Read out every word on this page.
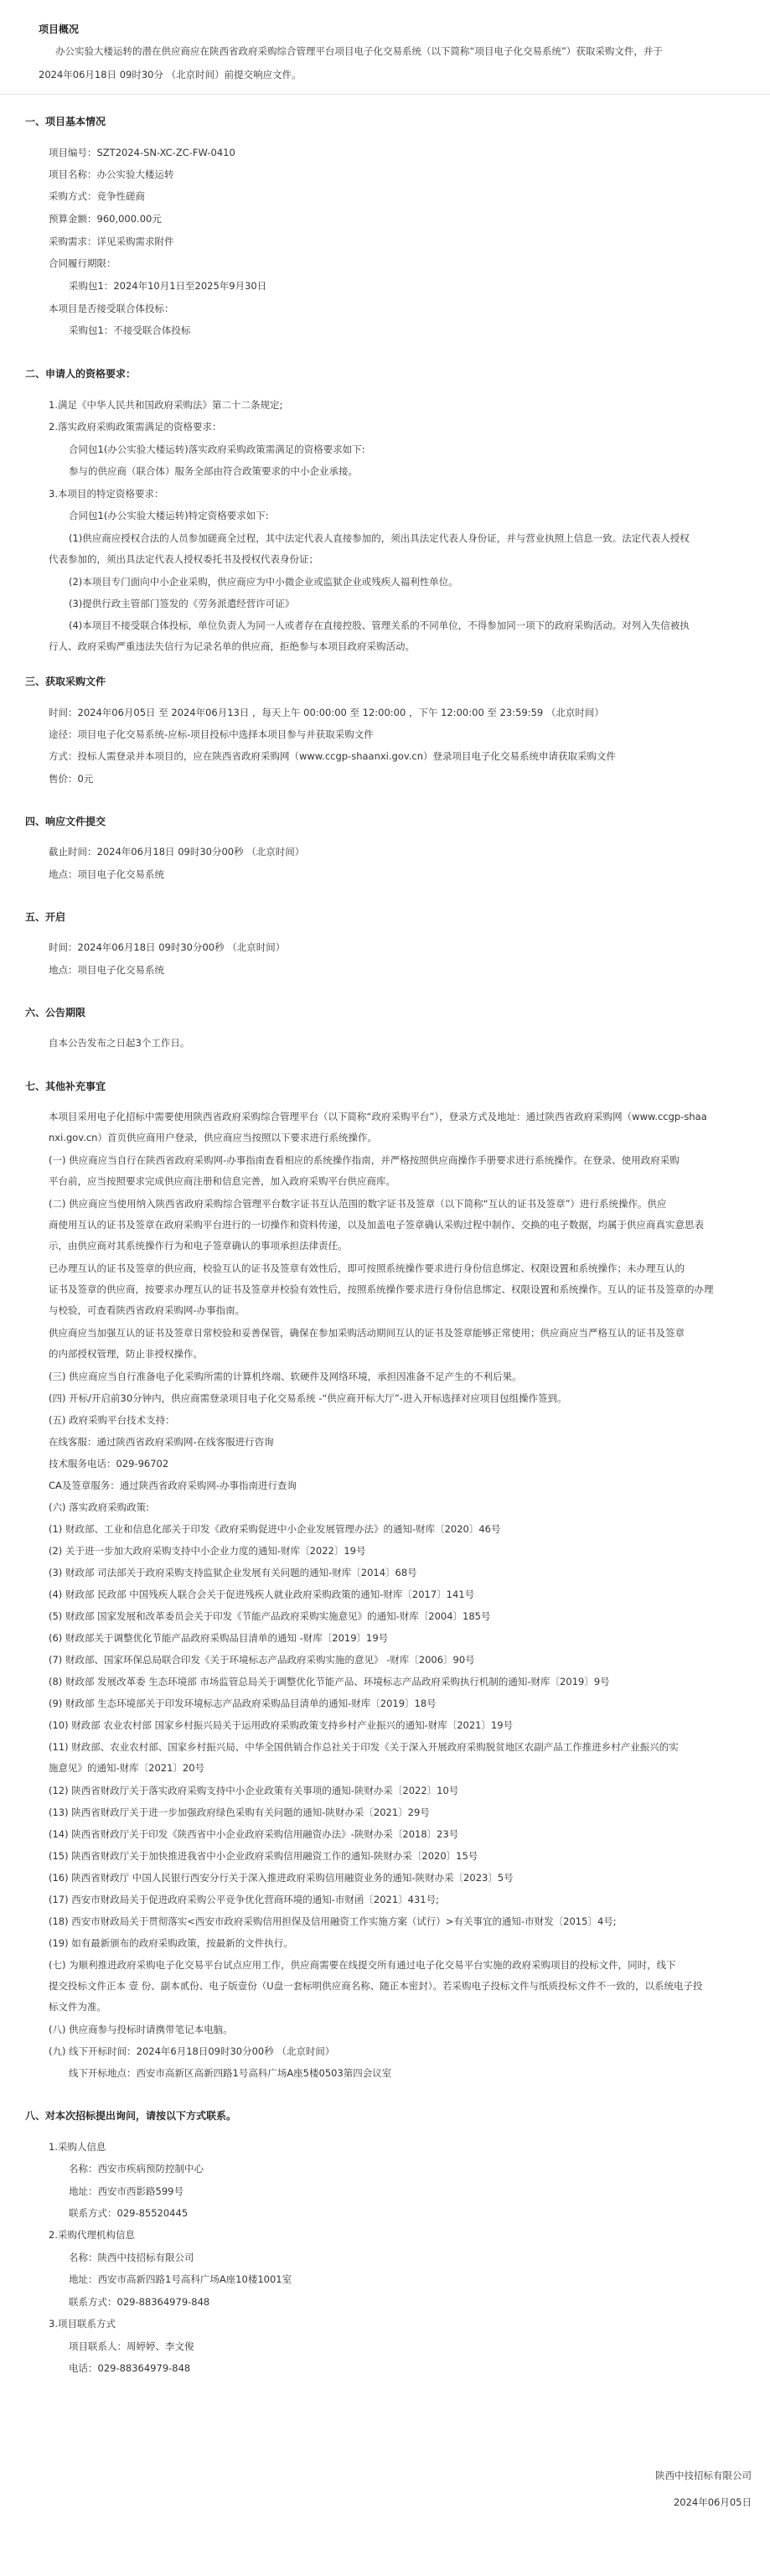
项目概况
办公实验大楼运转的潜在供应商应在陕西省政府采购综合管理平台项目电子化交易系统（以下简称“项目电子化交易系统”）获取采购文件，并于
2024年06月18日 09时30分 （北京时间）前提交响应文件。
一、项目基本情况
项目编号：SZT2024-SN-XC-ZC-FW-0410
项目名称：办公实验大楼运转
采购方式：竞争性磋商
预算金额：960,000.00元
采购需求：详见采购需求附件
合同履行期限：
采购包1：2024年10月1日至2025年9月30日
本项目是否接受联合体投标：
采购包1：不接受联合体投标
二、申请人的资格要求：
1.满足《中华人民共和国政府采购法》第二十二条规定;
2.落实政府采购政策需满足的资格要求：
合同包1(办公实验大楼运转)落实政府采购政策需满足的资格要求如下:
参与的供应商（联合体）服务全部由符合政策要求的中小企业承接。
3.本项目的特定资格要求：
合同包1(办公实验大楼运转)特定资格要求如下:
(1)供应商应授权合法的人员参加磋商全过程，其中法定代表人直接参加的，须出具法定代表人身份证，并与营业执照上信息一致。法定代表人授权
代表参加的，须出具法定代表人授权委托书及授权代表身份证；
(2)本项目专门面向中小企业采购，供应商应为中小微企业或监狱企业或残疾人福利性单位。
(3)提供行政主管部门签发的《劳务派遣经营许可证》
(4)本项目不接受联合体投标，单位负责人为同一人或者存在直接控股、管理关系的不同单位，不得参加同一项下的政府采购活动。对列入失信被执
行人、政府采购严重违法失信行为记录名单的供应商，拒绝参与本项目政府采购活动。
三、获取采购文件
时间：2024年06月05日 至 2024年06月13日 ，每天上午 00:00:00 至 12:00:00 ，下午 12:00:00 至 23:59:59 （北京时间）
途径：项目电子化交易系统-应标-项目投标中选择本项目参与并获取采购文件
方式：投标人需登录并本项目的，应在陕西省政府采购网（www.ccgp-shaanxi.gov.cn）登录项目电子化交易系统申请获取采购文件
售价：0元
四、响应文件提交
截止时间：2024年06月18日 09时30分00秒 （北京时间）
地点：项目电子化交易系统
五、开启
时间：2024年06月18日 09时30分00秒 （北京时间）
地点：项目电子化交易系统
六、公告期限
自本公告发布之日起3个工作日。
七、其他补充事宜
本项目采用电子化招标中需要使用陕西省政府采购综合管理平台（以下简称“政府采购平台”），登录方式及地址：通过陕西省政府采购网（www.ccgp-shaa
nxi.gov.cn）首页供应商用户登录，供应商应当按照以下要求进行系统操作。
(一) 供应商应当自行在陕西省政府采购网-办事指南查看相应的系统操作指南，并严格按照供应商操作手册要求进行系统操作。在登录、使用政府采购
平台前，应当按照要求完成供应商注册和信息完善，加入政府采购平台供应商库。
(二) 供应商应当使用纳入陕西省政府采购综合管理平台数字证书互认范围的数字证书及签章（以下简称“互认的证书及签章”）进行系统操作。供应
商使用互认的证书及签章在政府采购平台进行的一切操作和资料传递，以及加盖电子签章确认采购过程中制作、交换的电子数据，均属于供应商真实意思表
示，由供应商对其系统操作行为和电子签章确认的事项承担法律责任。
已办理互认的证书及签章的供应商，校验互认的证书及签章有效性后，即可按照系统操作要求进行身份信息绑定、权限设置和系统操作；未办理互认的
证书及签章的供应商，按要求办理互认的证书及签章并校验有效性后，按照系统操作要求进行身份信息绑定、权限设置和系统操作。互认的证书及签章的办理
与校验，可查看陕西省政府采购网-办事指南。
供应商应当加强互认的证书及签章日常校验和妥善保管，确保在参加采购活动期间互认的证书及签章能够正常使用；供应商应当严格互认的证书及签章
的内部授权管理，防止非授权操作。
(三) 供应商应当自行准备电子化采购所需的计算机终端、软硬件及网络环境，承担因准备不足产生的不利后果。
(四) 开标/开启前30分钟内，供应商需登录项目电子化交易系统 -“供应商开标大厅”-进入开标选择对应项目包组操作签到。
(五) 政府采购平台技术支持：
在线客服：通过陕西省政府采购网-在线客服进行咨询
技术服务电话：029-96702
CA及签章服务：通过陕西省政府采购网-办事指南进行查询
(六) 落实政府采购政策:
(1) 财政部、工业和信息化部关于印发《政府采购促进中小企业发展管理办法》的通知-财库〔2020〕46号
(2) 关于进一步加大政府采购支持中小企业力度的通知-财库〔2022〕19号
(3) 财政部 司法部关于政府采购支持监狱企业发展有关问题的通知-财库〔2014〕68号
(4) 财政部 民政部 中国残疾人联合会关于促进残疾人就业政府采购政策的通知-财库〔2017〕141号
(5) 财政部 国家发展和改革委员会关于印发《节能产品政府采购实施意见》的通知-财库〔2004〕185号
(6) 财政部关于调整优化节能产品政府采购品目清单的通知 -财库〔2019〕19号
(7) 财政部、国家环保总局联合印发《关于环境标志产品政府采购实施的意见》 -财库〔2006〕90号
(8) 财政部 发展改革委 生态环境部 市场监管总局关于调整优化节能产品、环境标志产品政府采购执行机制的通知-财库〔2019〕9号
(9) 财政部 生态环境部关于印发环境标志产品政府采购品目清单的通知-财库〔2019〕18号
(10) 财政部 农业农村部 国家乡村振兴局关于运用政府采购政策支持乡村产业振兴的通知-财库〔2021〕19号
(11) 财政部、农业农村部、国家乡村振兴局、中华全国供销合作总社关于印发《关于深入开展政府采购脱贫地区农副产品工作推进乡村产业振兴的实
施意见》的通知-财库〔2021〕20号
(12) 陕西省财政厅关于落实政府采购支持中小企业政策有关事项的通知-陕财办采〔2022〕10号
(13) 陕西省财政厅关于进一步加强政府绿色采购有关问题的通知-陕财办采〔2021〕29号
(14) 陕西省财政厅关于印发《陕西省中小企业政府采购信用融资办法》-陕财办采〔2018〕23号
(15) 陕西省财政厅关于加快推进我省中小企业政府采购信用融资工作的通知-陕财办采〔2020〕15号
(16) 陕西省财政厅 中国人民银行西安分行关于深入推进政府采购信用融资业务的通知-陕财办采〔2023〕5号
(17) 西安市财政局关于促进政府采购公平竞争优化营商环境的通知-市财函〔2021〕431号;
(18) 西安市财政局关于贯彻落实<西安市政府采购信用担保及信用融资工作实施方案（试行）>有关事宜的通知-市财发〔2015〕4号;
(19) 如有最新颁布的政府采购政策，按最新的文件执行。
(七) 为顺利推进政府采购电子化交易平台试点应用工作，供应商需要在线提交所有通过电子化交易平台实施的政府采购项目的投标文件，同时，线下
提交投标文件正本 壹 份、副本贰份、电子版壹份（U盘一套标明供应商名称、随正本密封）。若采购电子投标文件与纸质投标文件不一致的，以系统电子投
标文件为准。
(八) 供应商参与投标时请携带笔记本电脑。
(九) 线下开标时间：2024年6月18日09时30分00秒 （北京时间）
线下开标地点：西安市高新区高新四路1号高科广场A座5楼0503第四会议室
八、对本次招标提出询问，请按以下方式联系。
1.采购人信息
名称：西安市疾病预防控制中心
地址：西安市西影路599号
联系方式：029-85520445
2.采购代理机构信息
名称：陕西中技招标有限公司
地址：西安市高新四路1号高科广场A座10楼1001室
联系方式：029-88364979-848
3.项目联系方式
项目联系人：周婷婷、李文俊
电话：029-88364979-848
陕西中技招标有限公司
2024年06月05日
